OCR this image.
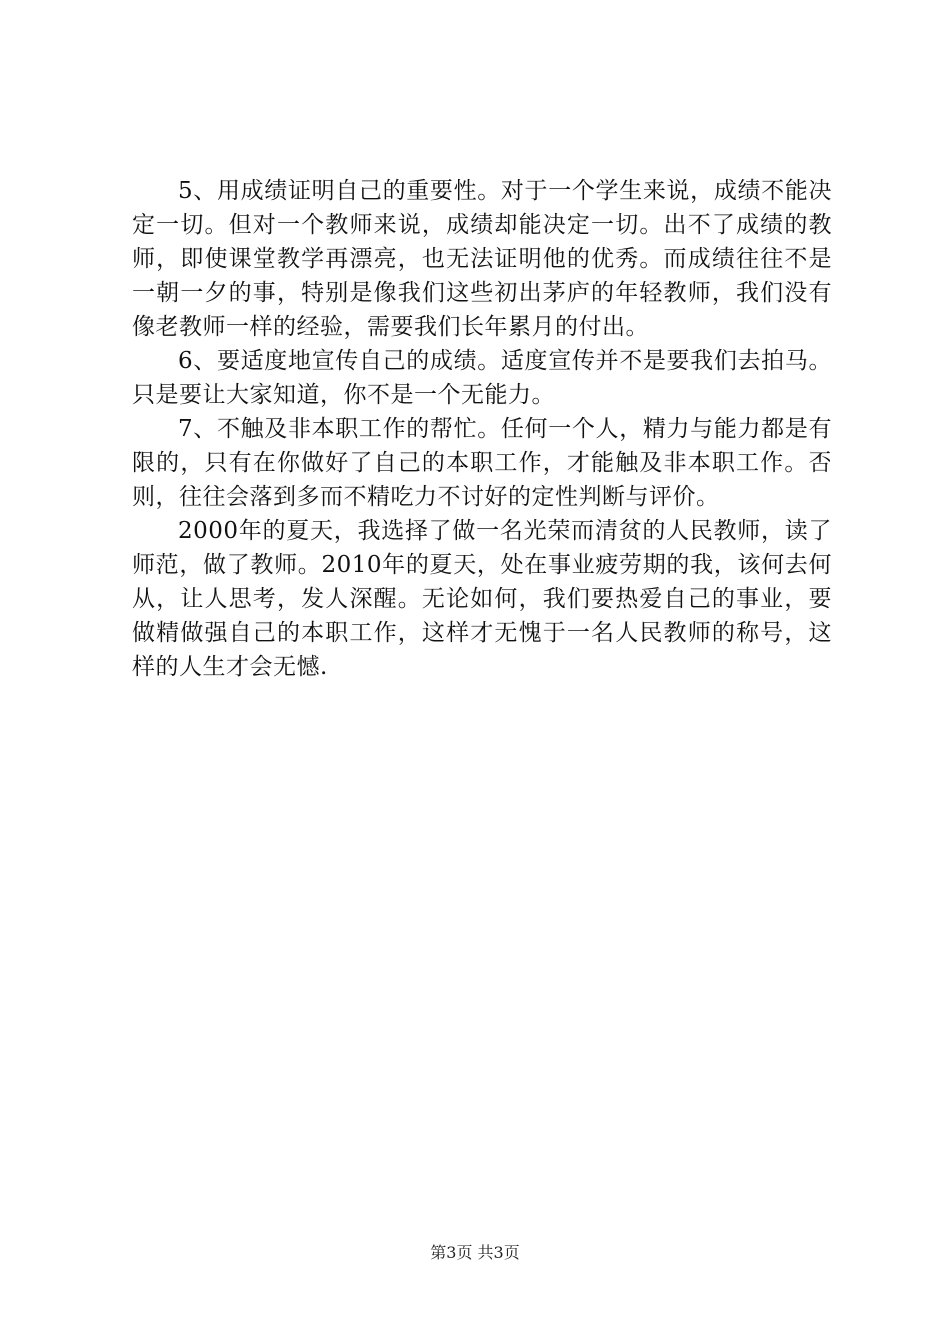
5、用成绩证明自己的重要性。对于一个学生来说，成绩不能决定一切。但对一个教师来说，成绩却能决定一切。出不了成绩的教师，即使课堂教学再漂亮，也无法证明他的优秀。而成绩往往不是一朝一夕的事，特别是像我们这些初出茅庐的年轻教师，我们没有像老教师一样的经验，需要我们长年累月的付出。

6、要适度地宣传自己的成绩。适度宣传并不是要我们去拍马。只是要让大家知道，你不是一个无能力。

7、不触及非本职工作的帮忙。任何一个人，精力与能力都是有限的，只有在你做好了自己的本职工作，才能触及非本职工作。否则，往往会落到多而不精吃力不讨好的定性判断与评价。

2000年的夏天，我选择了做一名光荣而清贫的人民教师，读了师范，做了教师。2010年的夏天，处在事业疲劳期的我，该何去何从，让人思考，发人深醒。无论如何，我们要热爱自己的事业，要做精做强自己的本职工作，这样才无愧于一名人民教师的称号，这样的人生才会无憾.

第3页 共3页
